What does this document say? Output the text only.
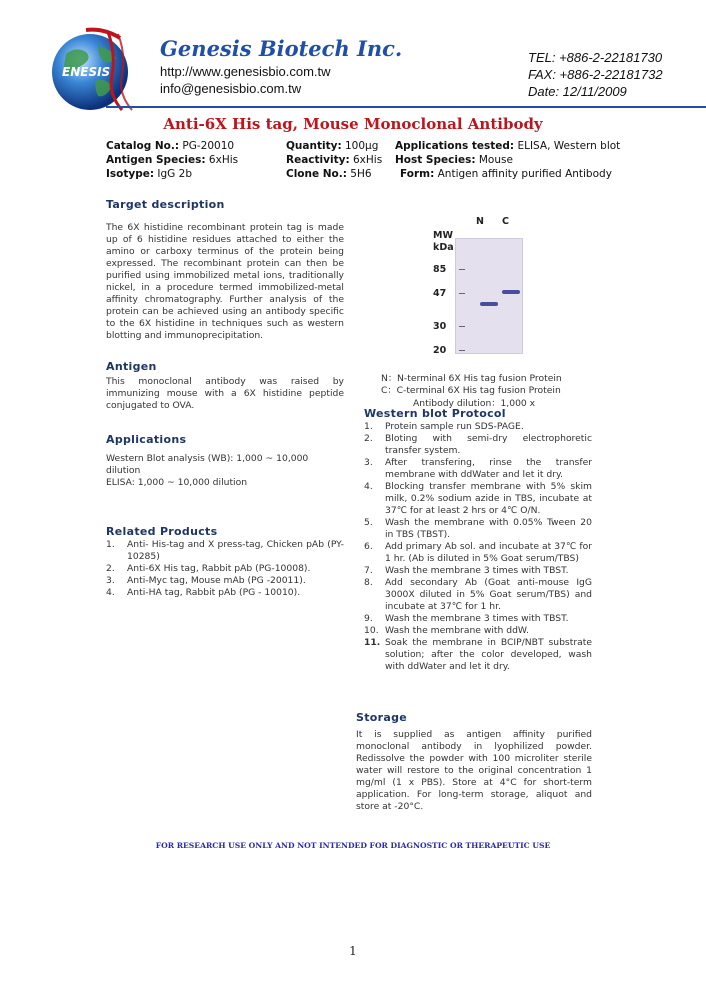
ENESIS
Genesis Biotech Inc.
http://www.genesisbio.com.tw
info@genesisbio.com.tw
TEL: +886-2-22181730
FAX: +886-2-22181732
Date: 12/11/2009
Anti-6X His tag, Mouse Monoclonal Antibody
Catalog No.: PG-20010	Quantity: 100µg Applications tested: ELISA, Western blot
Antigen Species: 6xHis	Reactivity: 6xHis Host Species: Mouse
Isotype: IgG 2b	Clone No.: 5H6	Form: Antigen affinity purified Antibody
Target description
The 6X histidine recombinant protein tag is made up of 6 histidine residues attached to either the amino or carboxy terminus of the protein being expressed. The recombinant protein can then be purified using immobilized metal ions, traditionally nickel, in a procedure termed immobilized-metal affinity chromatography. Further analysis of the protein can be achieved using an antibody specific to the 6X histidine in techniques such as western blotting and immunoprecipitation.
Antigen
This monoclonal antibody was raised by immunizing mouse with a 6X histidine peptide conjugated to OVA.
Applications
Western Blot analysis (WB): 1,000 ~ 10,000 dilution
ELISA: 1,000 ~ 10,000 dilution
Related Products
1. Anti- His-tag and X press-tag, Chicken pAb (PY-10285)
2. Anti-6X His tag, Rabbit pAb (PG-10008).
3. Anti-Myc tag, Mouse mAb (PG -20011).
4. Anti-HA tag, Rabbit pAb (PG - 10010).
N C
MW
kDa
85
47
30
20
N：N-terminal 6X His tag fusion Protein
C：C-terminal 6X His tag fusion Protein
Antibody dilution：1,000 x
Western blot Protocol
1. Protein sample run SDS-PAGE.
2. Bloting with semi-dry electrophoretic transfer system.
3. After transfering, rinse the transfer membrane with ddWater and let it dry.
4. Blocking transfer membrane with 5% skim milk, 0.2% sodium azide in TBS, incubate at 37℃ for at least 2 hrs or 4℃ O/N.
5. Wash the membrane with 0.05% Tween 20 in TBS (TBST).
6. Add primary Ab sol. and incubate at 37℃ for 1 hr. (Ab is diluted in 5% Goat serum/TBS)
7. Wash the membrane 3 times with TBST.
8. Add secondary Ab (Goat anti-mouse IgG 3000X diluted in 5% Goat serum/TBS) and incubate at 37℃ for 1 hr.
9. Wash the membrane 3 times with TBST.
10. Wash the membrane with ddW.
11. Soak the membrane in BCIP/NBT substrate solution; after the color developed, wash with ddWater and let it dry.
Storage
It is supplied as antigen affinity purified monoclonal antibody in lyophilized powder. Redissolve the powder with 100 microliter sterile water will restore to the original concentration 1 mg/ml (1 x PBS). Store at 4°C for short-term application. For long-term storage, aliquot and store at -20°C.
FOR RESEARCH USE ONLY AND NOT INTENDED FOR DIAGNOSTIC OR THERAPEUTIC USE
1
